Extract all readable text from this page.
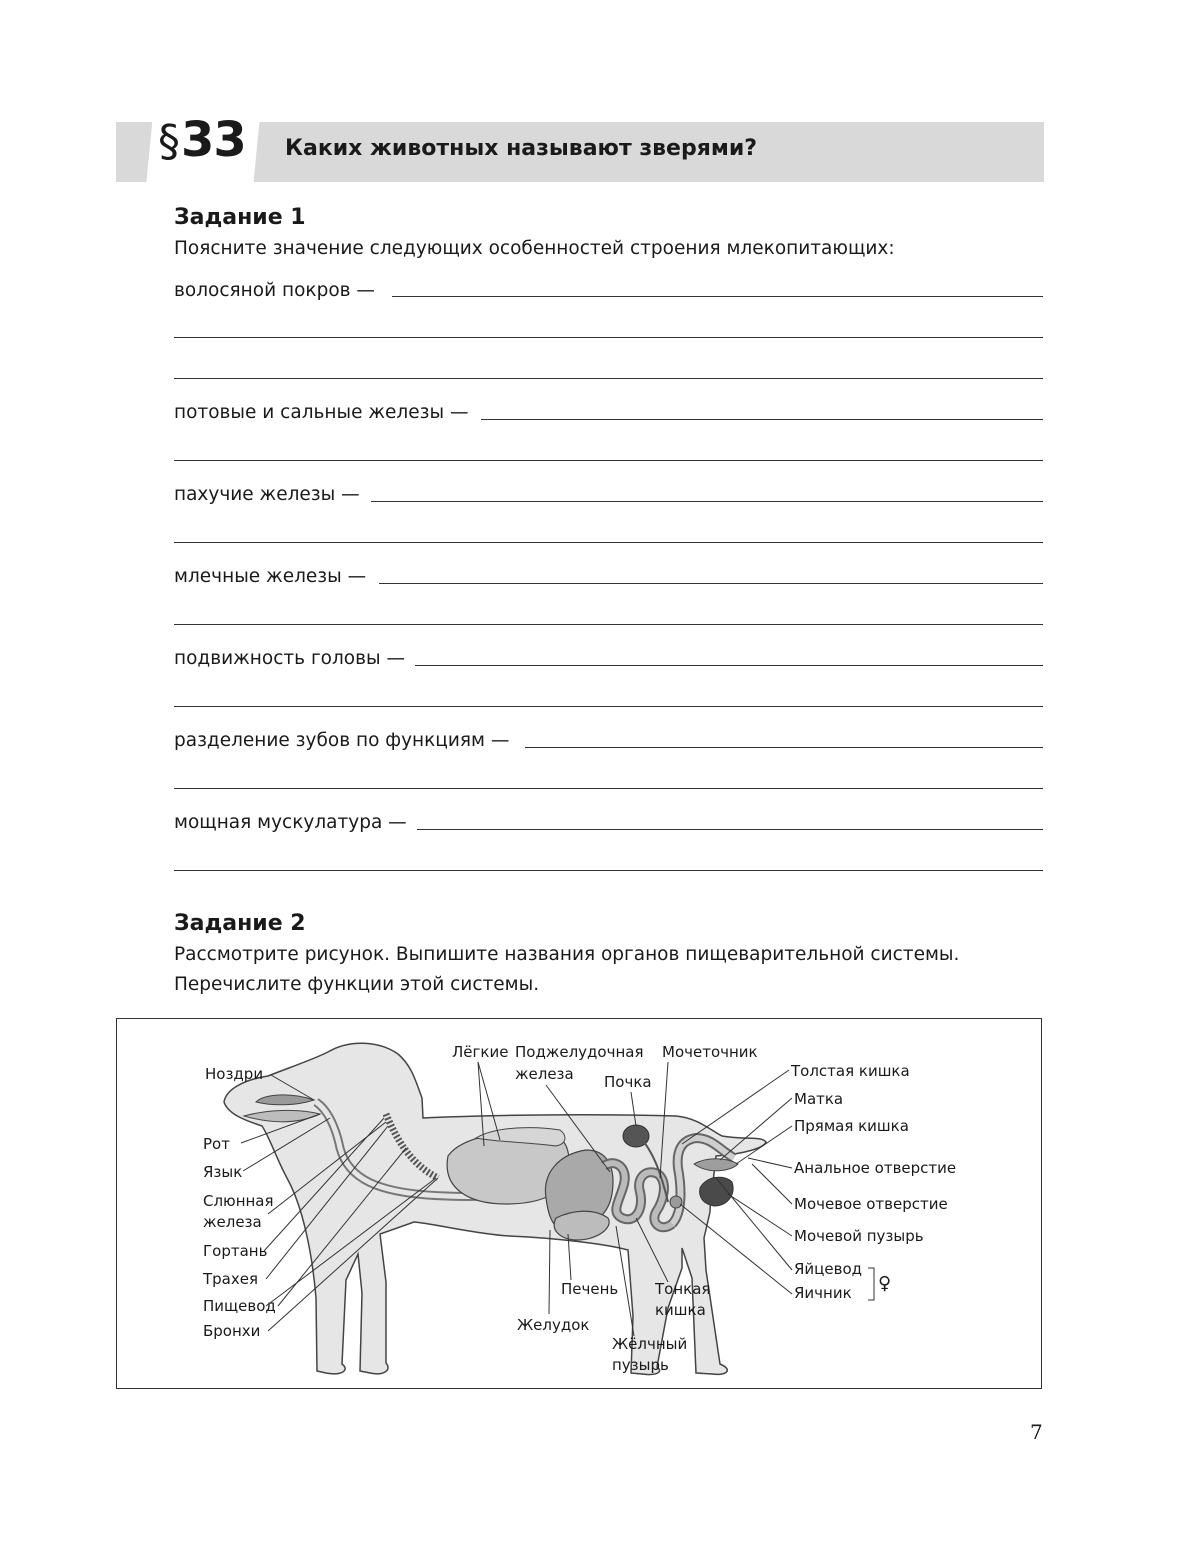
§33 Каких животных называют зверями?
Задание 1
Поясните значение следующих особенностей строения млекопитающих:
волосяной покров —
потовые и сальные железы —
пахучие железы —
млечные железы —
подвижность головы —
разделение зубов по функциям —
мощная мускулатура —
Задание 2
Рассмотрите рисунок. Выпишите названия органов пищеварительной системы. Перечислите функции этой системы.
Ноздри
Рот
Язык
Слюнная
железа
Гортань
Трахея
Пищевод
Бронхи
Лёгкие Поджелудочная
железа Почка
Мочеточник
Толстая кишка
Матка
Прямая кишка
Анальное отверстие
Мочевое отверстие
Мочевой пузырь
Яйцевод
Яичник ♀
Печень Тонкая
кишка
Желудок
Жёлчный
пузырь
7
